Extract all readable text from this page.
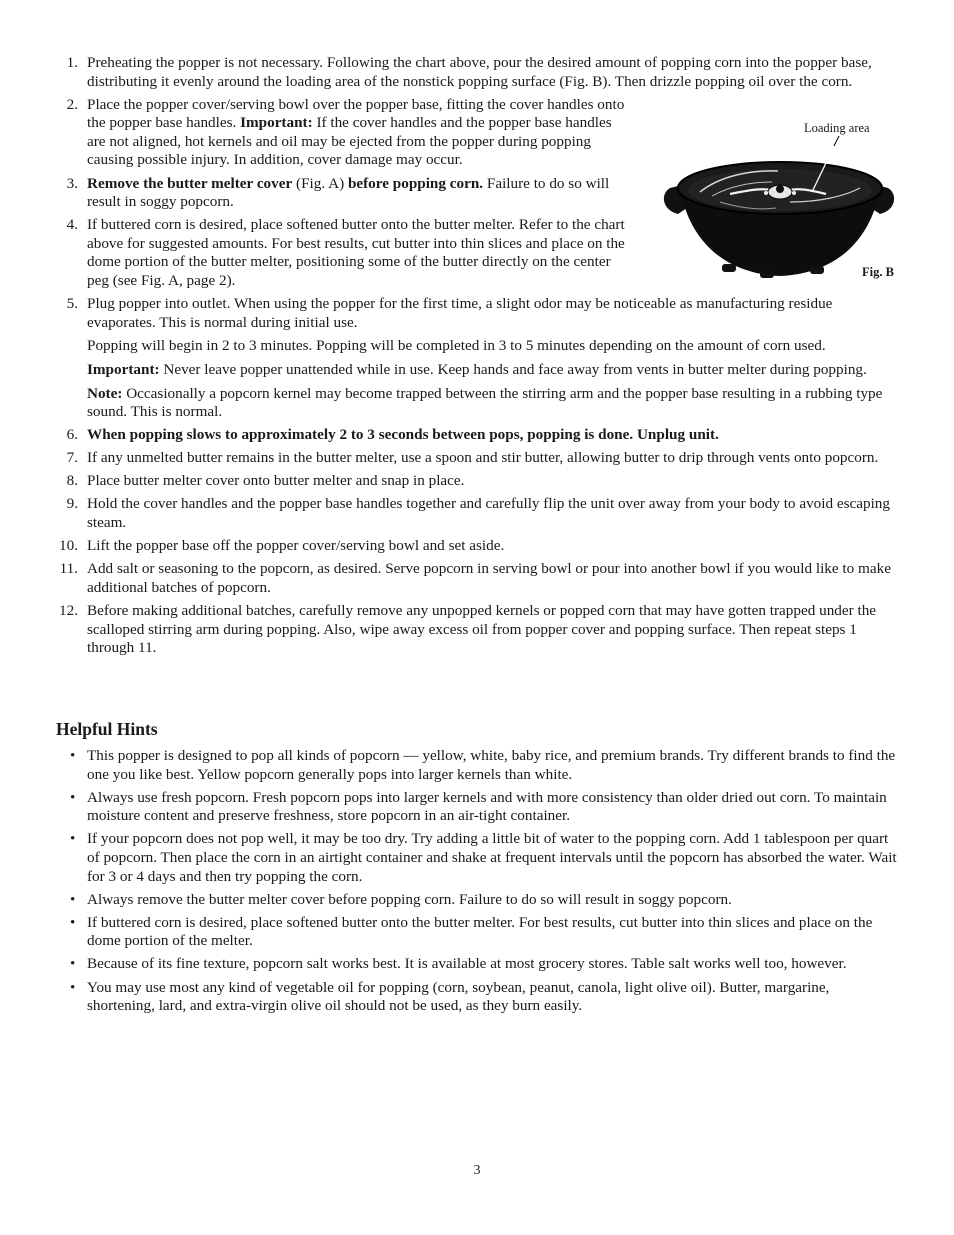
1. Preheating the popper is not necessary. Following the chart above, pour the desired amount of popping corn into the popper base, distributing it evenly around the loading area of the nonstick popping surface (Fig. B). Then drizzle popping oil over the corn.
2. Place the popper cover/serving bowl over the popper base, fitting the cover handles onto the popper base handles. Important: If the cover handles and the popper base handles are not aligned, hot kernels and oil may be ejected from the popper during popping causing possible injury. In addition, cover damage may occur.
3. Remove the butter melter cover (Fig. A) before popping corn. Failure to do so will result in soggy popcorn.
4. If buttered corn is desired, place softened butter onto the butter melter. Refer to the chart above for suggested amounts. For best results, cut butter into thin slices and place on the dome portion of the butter melter, positioning some of the butter directly on the center peg (see Fig. A, page 2).
5. Plug popper into outlet. When using the popper for the first time, a slight odor may be noticeable as manufacturing residue evaporates. This is normal during initial use.
Popping will begin in 2 to 3 minutes. Popping will be completed in 3 to 5 minutes depending on the amount of corn used.
Important: Never leave popper unattended while in use. Keep hands and face away from vents in butter melter during popping.
Note: Occasionally a popcorn kernel may become trapped between the stirring arm and the popper base resulting in a rubbing type sound. This is normal.
6. When popping slows to approximately 2 to 3 seconds between pops, popping is done. Unplug unit.
7. If any unmelted butter remains in the butter melter, use a spoon and stir butter, allowing butter to drip through vents onto popcorn.
8. Place butter melter cover onto butter melter and snap in place.
9. Hold the cover handles and the popper base handles together and carefully flip the unit over away from your body to avoid escaping steam.
10. Lift the popper base off the popper cover/serving bowl and set aside.
11. Add salt or seasoning to the popcorn, as desired. Serve popcorn in serving bowl or pour into another bowl if you would like to make additional batches of popcorn.
12. Before making additional batches, carefully remove any unpopped kernels or popped corn that may have gotten trapped under the scalloped stirring arm during popping. Also, wipe away excess oil from popper cover and popping surface. Then repeat steps 1 through 11.
Loading area
Fig. B
Helpful Hints
• This popper is designed to pop all kinds of popcorn — yellow, white, baby rice, and premium brands. Try different brands to find the one you like best. Yellow popcorn generally pops into larger kernels than white.
• Always use fresh popcorn. Fresh popcorn pops into larger kernels and with more consistency than older dried out corn. To maintain moisture content and preserve freshness, store popcorn in an air-tight container.
• If your popcorn does not pop well, it may be too dry. Try adding a little bit of water to the popping corn. Add 1 tablespoon per quart of popcorn. Then place the corn in an airtight container and shake at frequent intervals until the popcorn has absorbed the water. Wait for 3 or 4 days and then try popping the corn.
• Always remove the butter melter cover before popping corn. Failure to do so will result in soggy popcorn.
• If buttered corn is desired, place softened butter onto the butter melter. For best results, cut butter into thin slices and place on the dome portion of the melter.
• Because of its fine texture, popcorn salt works best. It is available at most grocery stores. Table salt works well too, however.
• You may use most any kind of vegetable oil for popping (corn, soybean, peanut, canola, light olive oil). Butter, margarine, shortening, lard, and extra-virgin olive oil should not be used, as they burn easily.
3
